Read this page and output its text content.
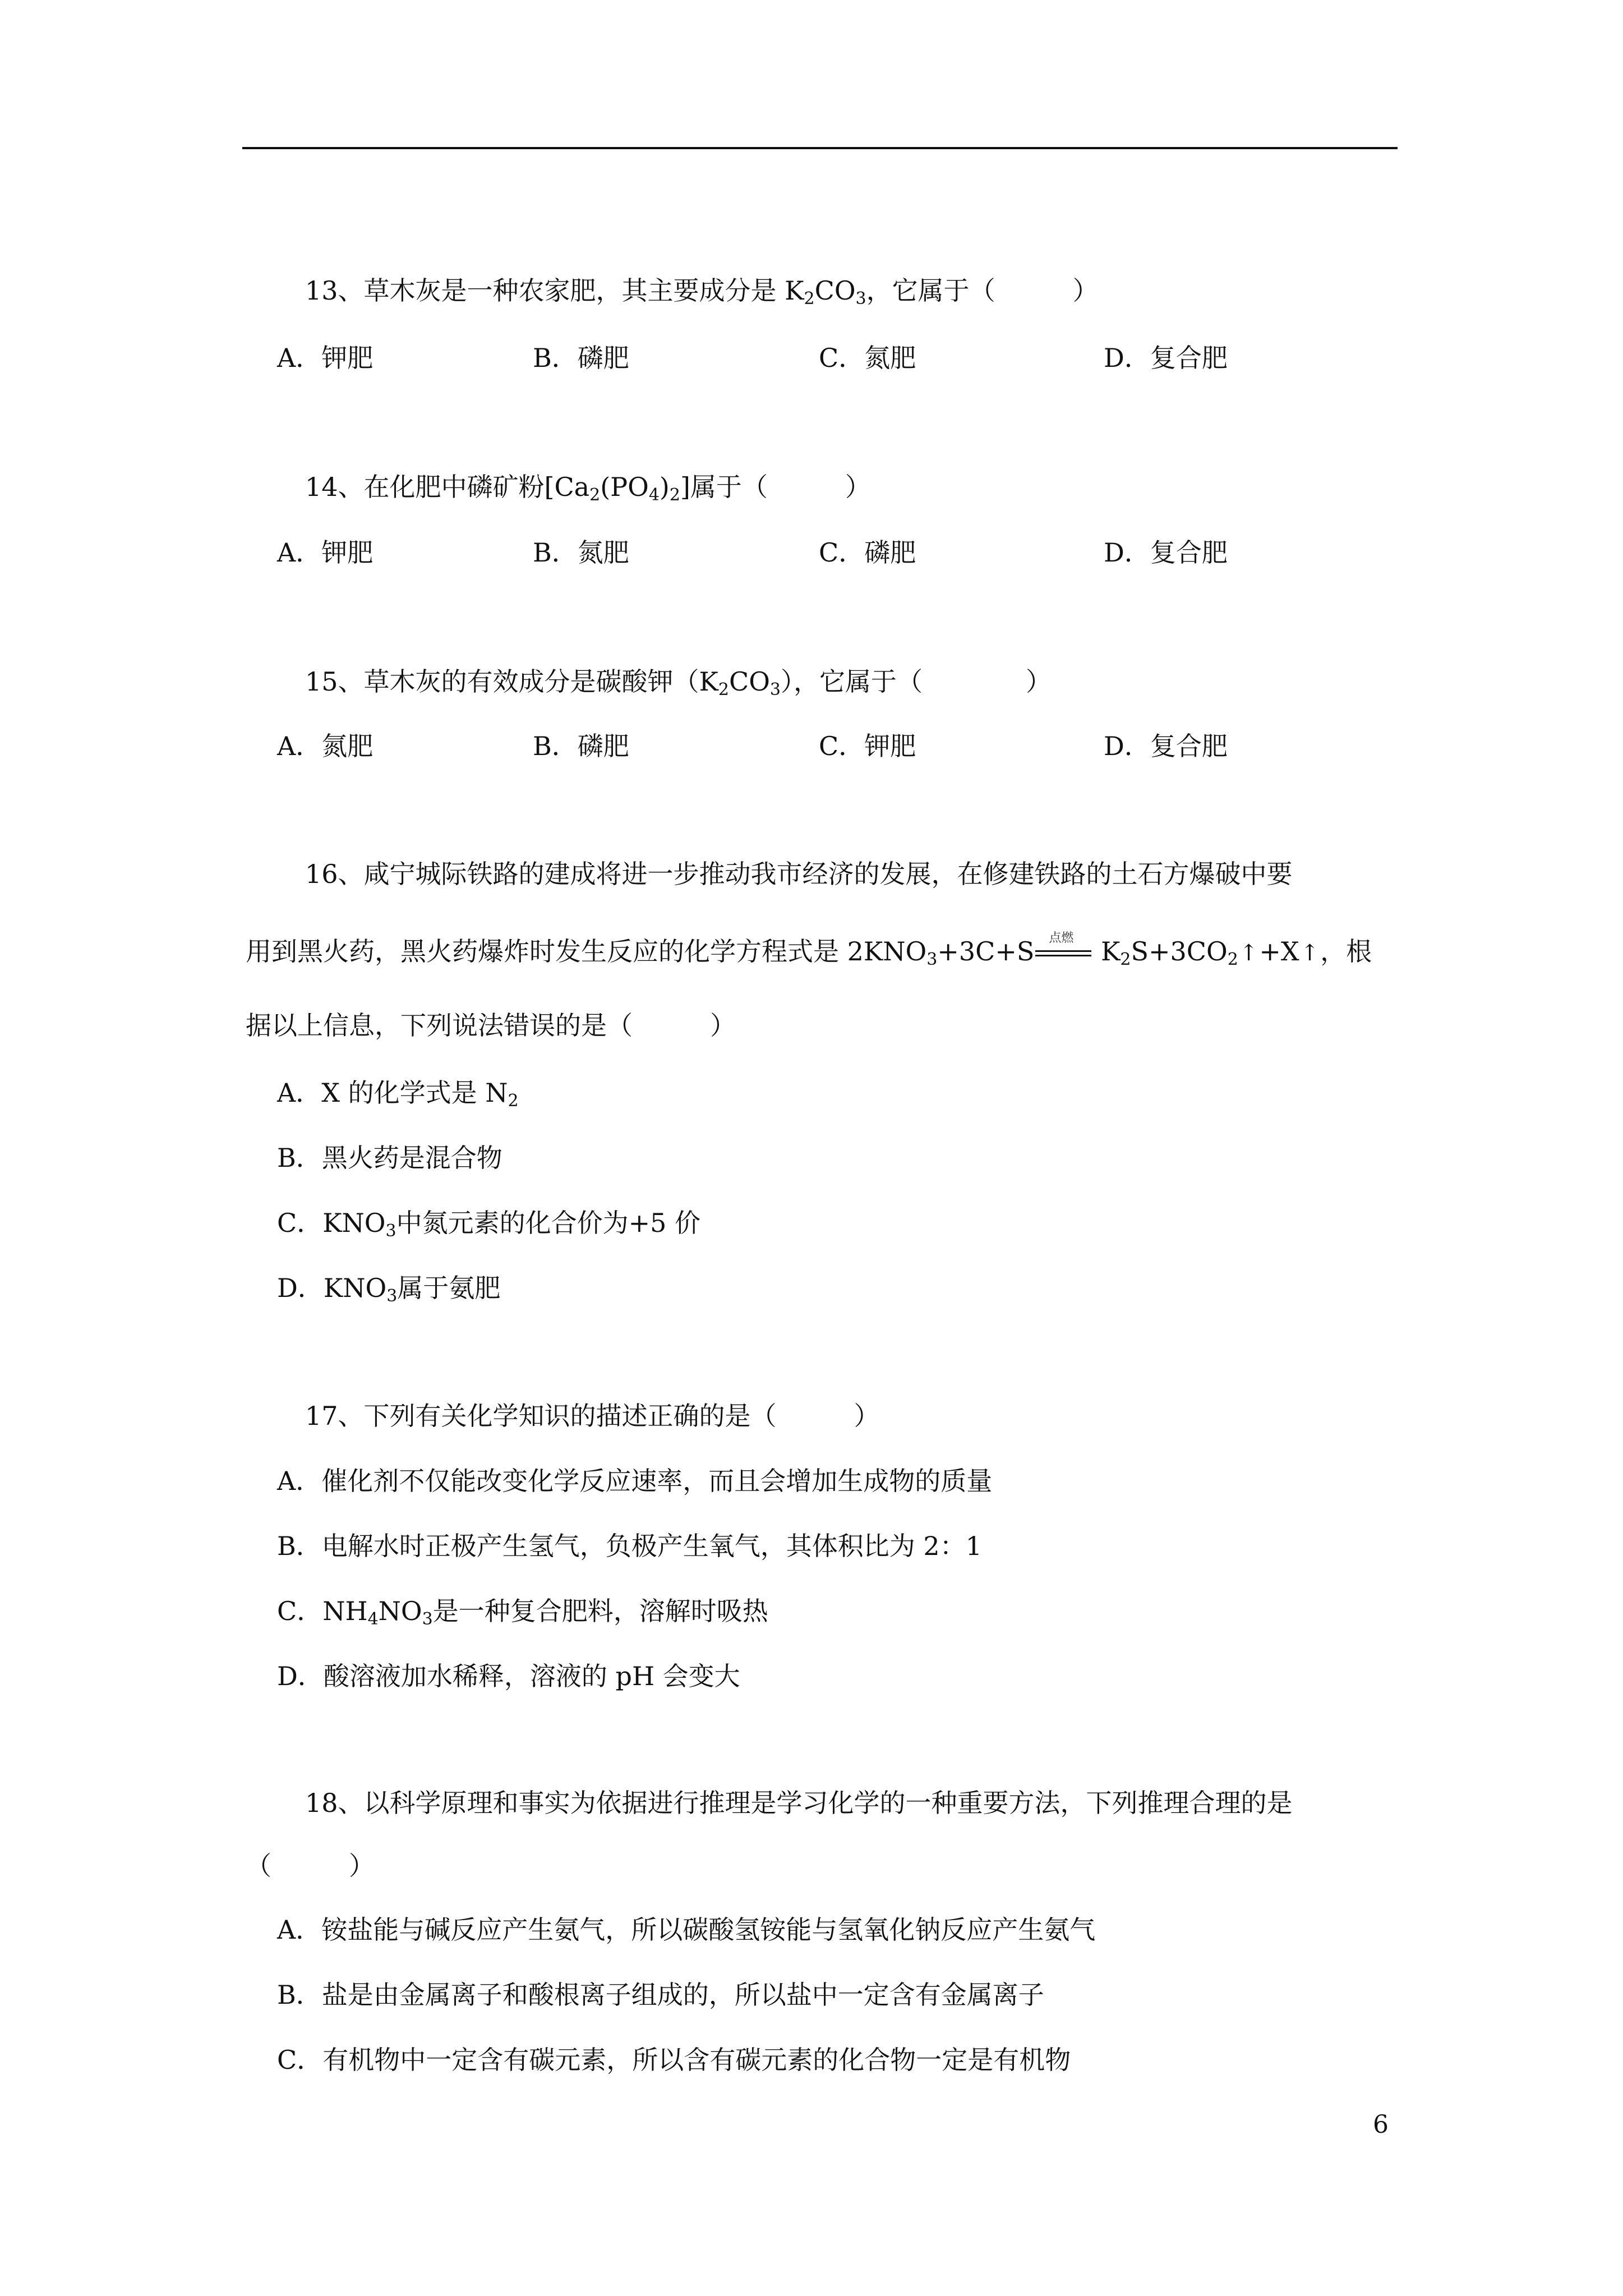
13、草木灰是一种农家肥，其主要成分是 $K_2CO_3$，它属于（　　　）
A．钾肥	B．磷肥	C．氮肥	D．复合肥
14、在化肥中磷矿粉$[Ca_2(PO_4)_2]$属于（　　　）
A．钾肥	B．氮肥	C．磷肥	D．复合肥
15、草木灰的有效成分是碳酸钾$(K_2CO_3)$，它属于（　　　　）
A．氮肥	B．磷肥	C．钾肥	D．复合肥
16、咸宁城际铁路的建成将进一步推动我市经济的发展，在修建铁路的土石方爆破中要
用到黑火药，黑火药爆炸时发生反应的化学方程式是 $2KNO_3+3C+S$ 点燃 $K_2S+3CO_2↑+X↑$，根
据以上信息，下列说法错误的是（　　　）
A．X 的化学式是 $N_2$
B．黑火药是混合物
C．$KNO_3$中氮元素的化合价为+5 价
D．$KNO_3$属于氨肥
17、下列有关化学知识的描述正确的是（　　　）
A．催化剂不仅能改变化学反应速率，而且会增加生成物的质量
B．电解水时正极产生氢气，负极产生氧气，其体积比为 2：1
C．$NH_4NO_3$是一种复合肥料，溶解时吸热
D．酸溶液加水稀释，溶液的 pH 会变大
18、以科学原理和事实为依据进行推理是学习化学的一种重要方法，下列推理合理的是
（　　　）
A．铵盐能与碱反应产生氨气，所以碳酸氢铵能与氢氧化钠反应产生氨气
B．盐是由金属离子和酸根离子组成的，所以盐中一定含有金属离子
C．有机物中一定含有碳元素，所以含有碳元素的化合物一定是有机物
6
